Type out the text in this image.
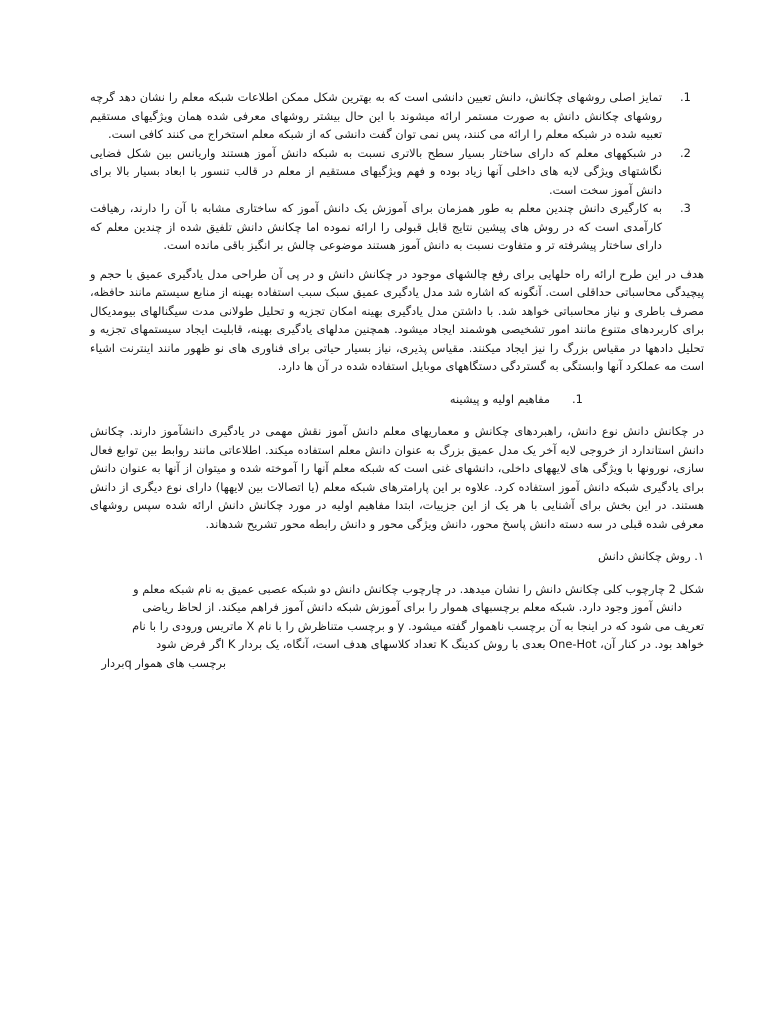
.1
تمایز اصلی روشهای چکانش، دانش تعیین دانشی است که به بهترین شکل ممکن اطلاعات شبکه معلم را نشان دهد گرچه روشهای چکانش دانش به صورت مستمر ارائه میشوند با این حال بیشتر روشهای معرفی شده همان ویژگیهای مستقیم تعبیه شده در شبکه معلم را ارائه می کنند، پس نمی توان گفت دانشی که از شبکه معلم استخراج می کنند کافی است.
.2
در شبکههای معلم که دارای ساختار بسیار سطح بالاتری نسبت به شبکه دانش آموز هستند واریانس بین شکل فضایی نگاشتهای ویژگی لایه های داخلی آنها زیاد بوده و فهم ویژگیهای مستقیم از معلم در قالب تنسور با ابعاد بسیار بالا برای دانش آموز سخت است.
.3
به کارگیری دانش چندین معلم به طور همزمان برای آموزش یک دانش آموز که ساختاری مشابه با آن را دارند، رهیافت کارآمدی است که در روش های پیشین نتایج قابل قبولی را ارائه نموده اما چکانش دانش تلفیق شده از چندین معلم که دارای ساختار پیشرفته تر و متفاوت نسبت به دانش آموز هستند موضوعی چالش بر انگیز باقی مانده است.

هدف در این طرح ارائه راه حلهایی برای رفع چالشهای موجود در چکانش دانش و در پی آن طراحی مدل یادگیری عمیق با حجم و پیچیدگی محاسباتی حداقلی است. آنگونه که اشاره شد مدل یادگیری عمیق سبک سبب استفاده بهینه از منابع سیستم مانند حافظه، مصرف باطری و نیاز محاسباتی خواهد شد. با داشتن مدل یادگیری بهینه امکان تجزیه و تحلیل طولانی مدت سیگنالهای بیومدیکال برای کاربردهای متنوع مانند امور تشخیصی هوشمند ایجاد میشود. همچنین مدلهای یادگیری بهینه، قابلیت ایجاد سیستمهای تجزیه و تحلیل دادهها در مقیاس بزرگ را نیز ایجاد میکنند. مقیاس پذیری، نیاز بسیار حیاتی برای فناوری های نو ظهور مانند اینترنت اشیاء است مه عملکرد آنها وابستگی به گستردگی دستگاههای موبایل استفاده شده در آن ها دارد.

.1
مفاهیم اولیه و پیشینه

در چکانش دانش نوع دانش، راهبردهای چکانش و معماریهای معلم دانش آموز نقش مهمی در یادگیری دانشآموز دارند. چکانش دانش استاندارد از خروجی لایه آخر یک مدل عمیق بزرگ به عنوان دانش معلم استفاده میکند. اطلاعاتی مانند روابط بین توابع فعال سازی، نورونها با ویژگی های لایههای داخلی، دانشهای غنی است که شبکه معلم آنها را آموخته شده و میتوان از آنها به عنوان دانش برای یادگیری شبکه دانش آموز استفاده کرد. علاوه بر این پارامترهای شبکه معلم (یا اتصالات بین لایهها) دارای نوع دیگری از دانش هستند. در این بخش برای آشنایی با هر یک از این جزییات، ابتدا مفاهیم اولیه در مورد چکانش دانش ارائه شده سپس روشهای معرفی شده قبلی در سه دسته دانش پاسخ محور، دانش ویژگی محور و دانش رابطه محور تشریح شدهاند.

۱. روش چکانش دانش

شکل 2 چارچوب کلی چکانش دانش را نشان میدهد. در چارچوب چکانش دانش دو شبکه عصبی عمیق به نام شبکه معلم و
دانش آموز وجود دارد. شبکه معلم برچسبهای هموار را برای آموزش شبکه دانش آموز فراهم میکند. از لحاظ ریاضی
تعریف می شود که در اینجا به آن برچسب ناهموار گفته میشود. y و برچسب متناظرش را با نام X ماتریس ورودی را با نام
خواهد بود. در کنار آن، One-Hot بعدی با روش کدینگ K تعداد کلاسهای هدف است، آنگاه، یک بردار K اگر فرض شود
برچسب های هموار qبردار
